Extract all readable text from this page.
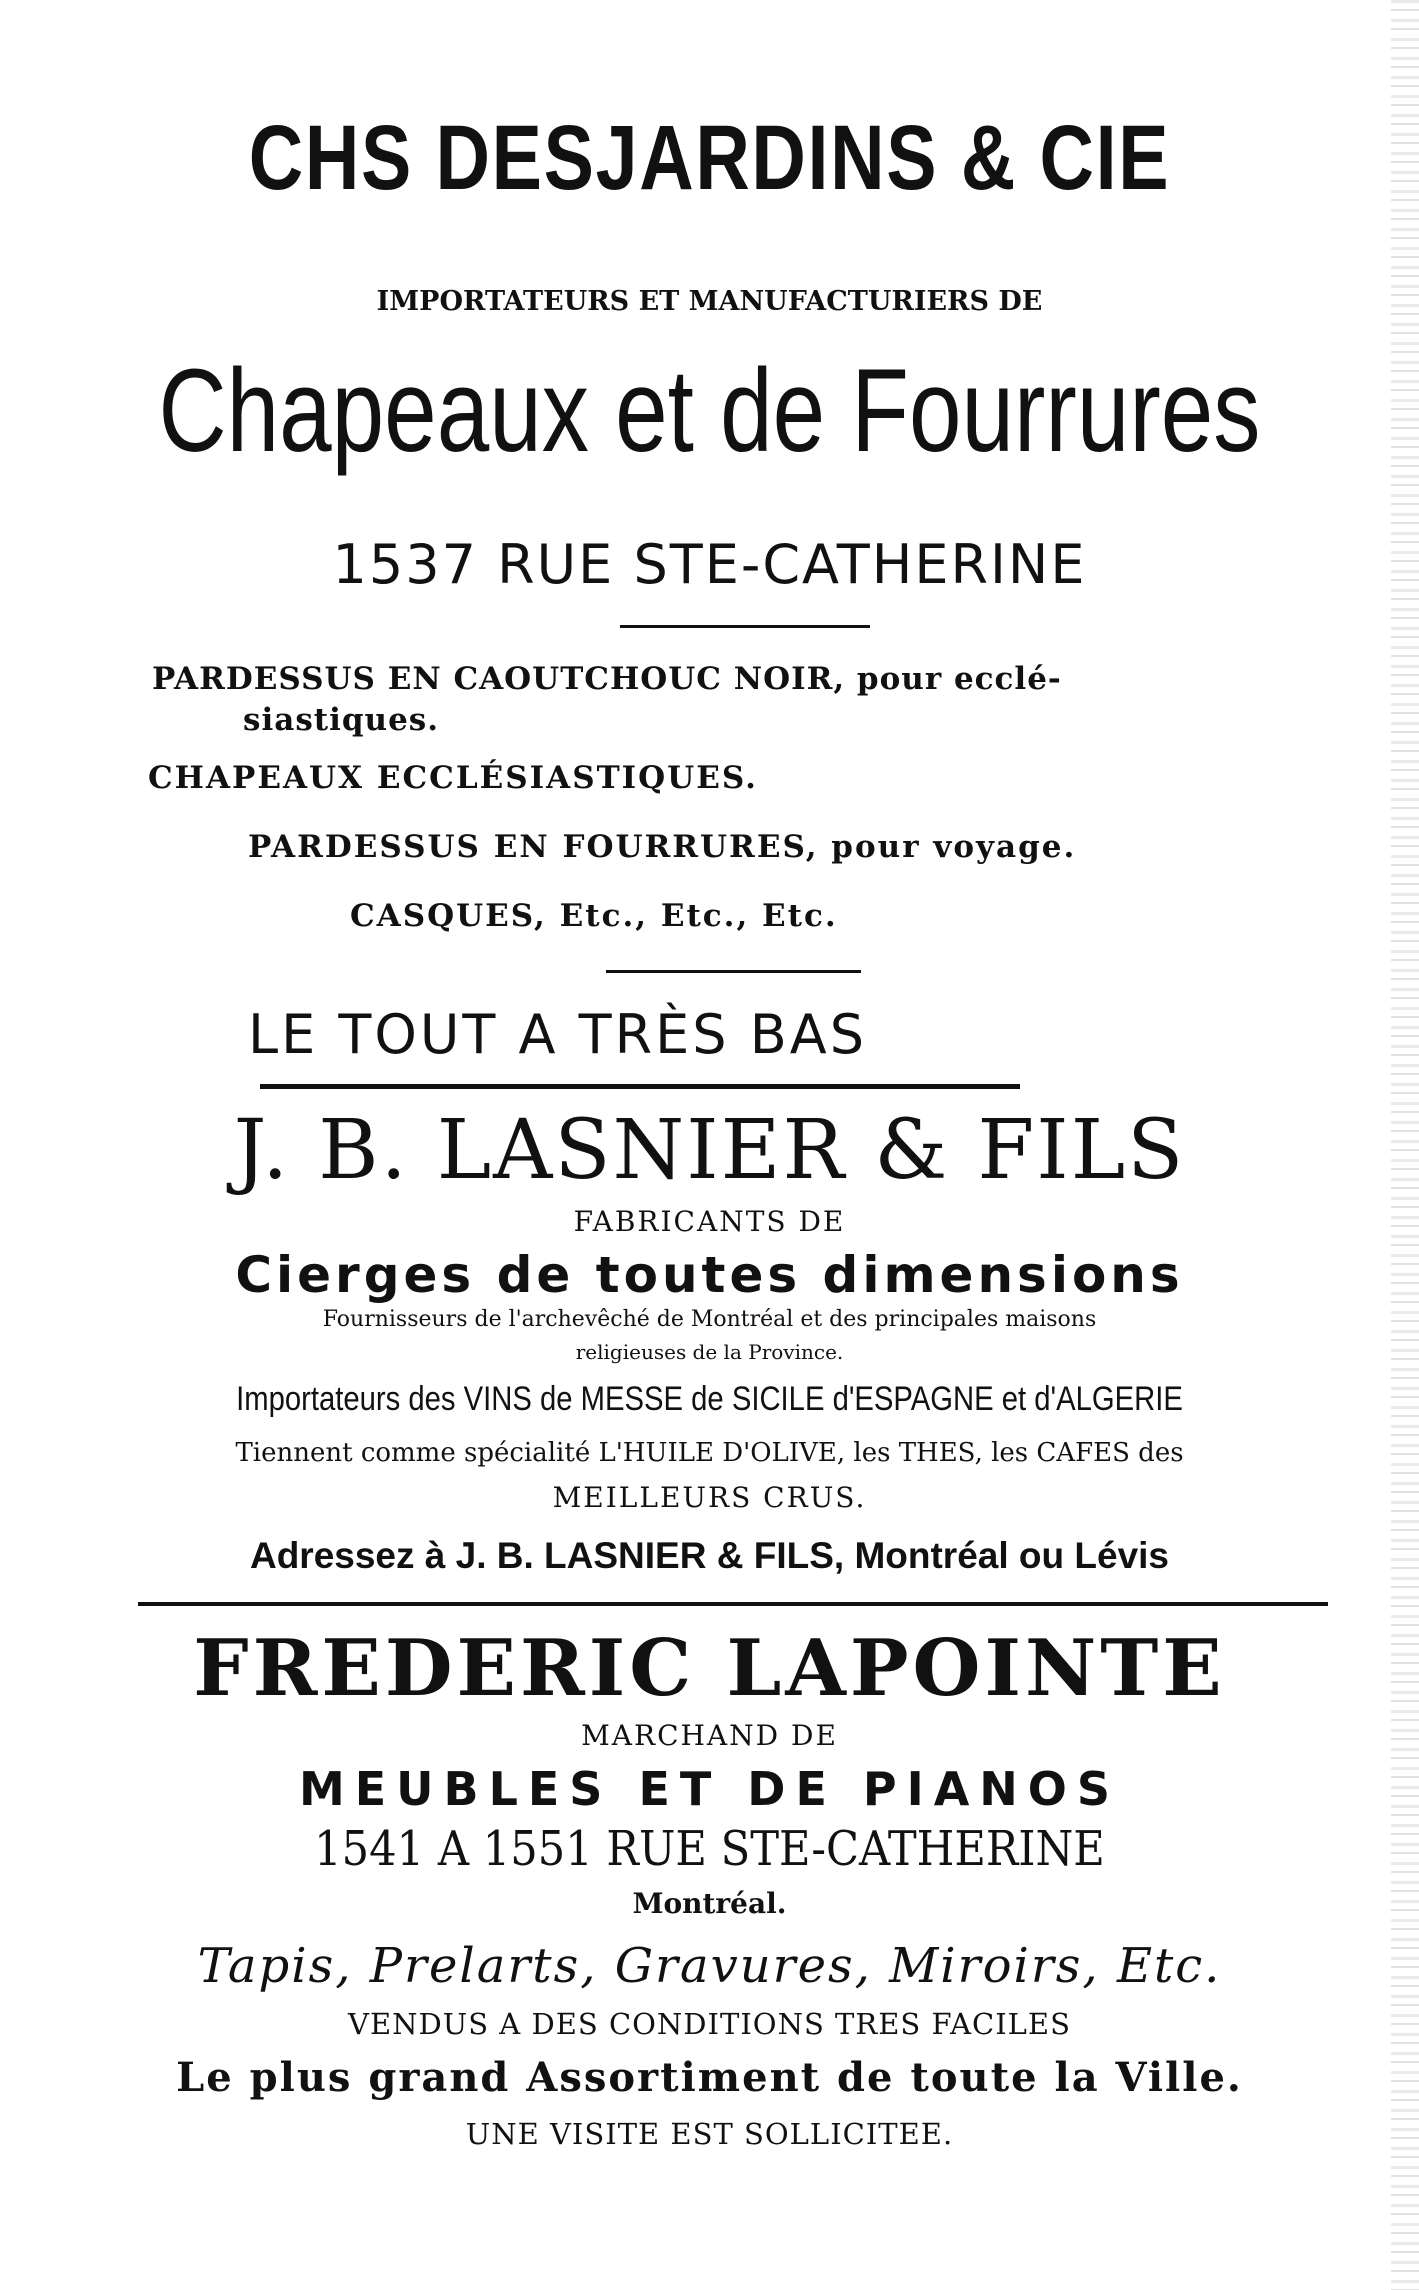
CHS DESJARDINS & CIE

IMPORTATEURS ET MANUFACTURIERS DE

Chapeaux et de Fourrures

1537 RUE STE-CATHERINE

PARDESSUS EN CAOUTCHOUC NOIR, pour ecclé-

siastiques.

CHAPEAUX ECCLÉSIASTIQUES.

PARDESSUS EN FOURRURES, pour voyage.

CASQUES, Etc., Etc., Etc.

LE TOUT A TRÈS BAS

J. B. LASNIER & FILS

FABRICANTS DE

Cierges de toutes dimensions

Fournisseurs de l'archevêché de Montréal et des principales maisons

religieuses de la Province.

Importateurs des VINS de MESSE de SICILE d'ESPAGNE et d'ALGERIE

Tiennent comme spécialité L'HUILE D'OLIVE, les THES, les CAFES des

MEILLEURS CRUS.

Adressez à J. B. LASNIER & FILS, Montréal ou Lévis

FREDERIC LAPOINTE

MARCHAND DE

MEUBLES ET DE PIANOS

1541 A 1551 RUE STE-CATHERINE

Montréal.

Tapis, Prelarts, Gravures, Miroirs, Etc.

VENDUS A DES CONDITIONS TRES FACILES

Le plus grand Assortiment de toute la Ville.

UNE VISITE EST SOLLICITEE.
